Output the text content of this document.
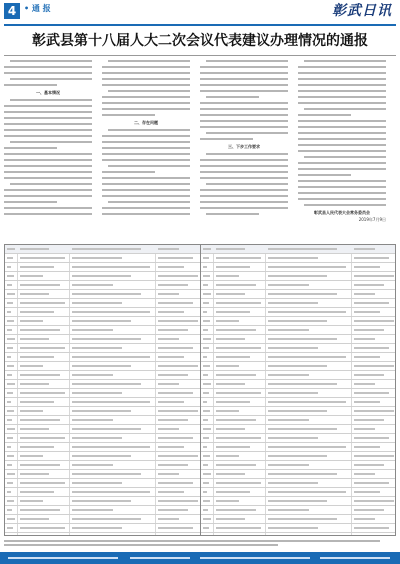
4 • 通 报	彰武日讯
彰武县第十八届人大二次会议代表建议办理情况的通报
一、基本情况
二、存在问题
三、下步工作要求
彰武县人民代表大会常务委员会
2019年7月9日
